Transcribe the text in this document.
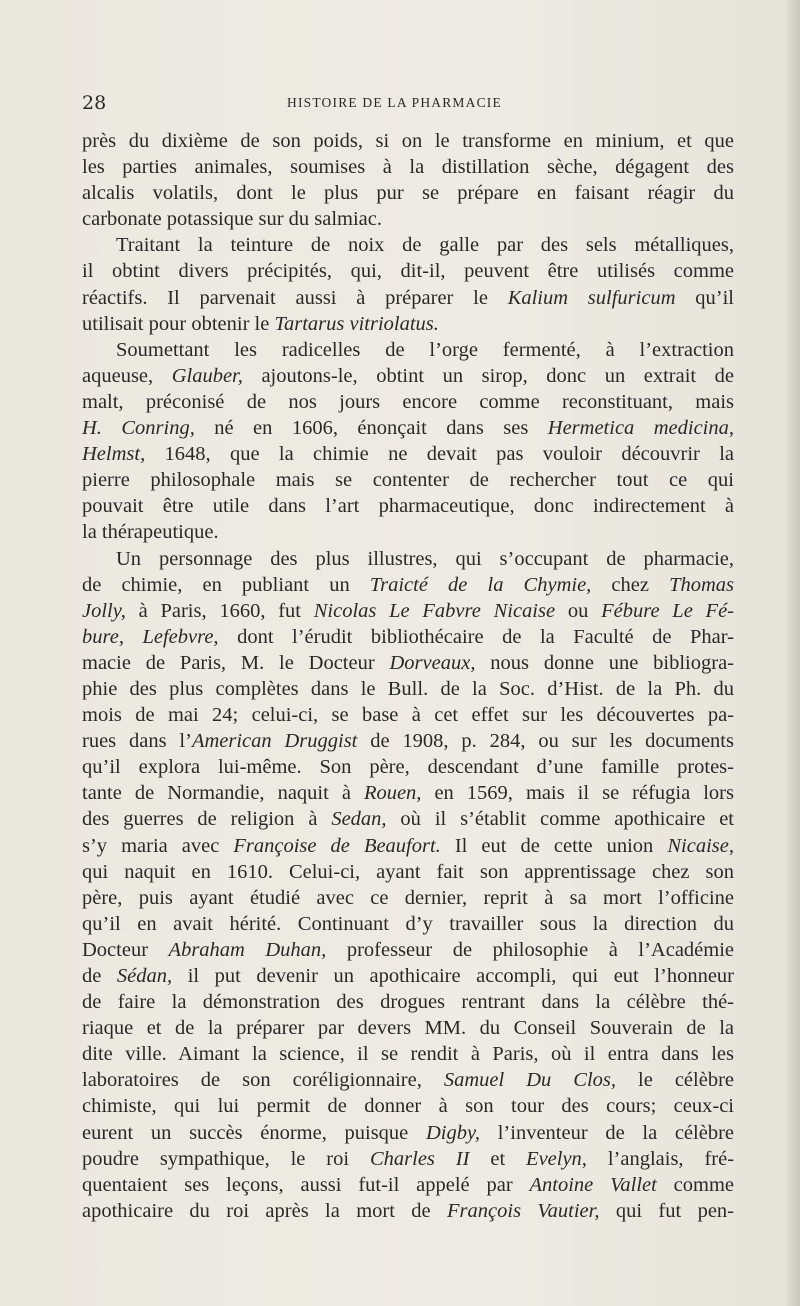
28	HISTOIRE DE LA PHARMACIE
près du dixième de son poids, si on le transforme en minium, et que
les parties animales, soumises à la distillation sèche, dégagent des
alcalis volatils, dont le plus pur se prépare en faisant réagir du
carbonate potassique sur du salmiac.
Traitant la teinture de noix de galle par des sels métalliques,
il obtint divers précipités, qui, dit-il, peuvent être utilisés comme
réactifs. Il parvenait aussi à préparer le Kalium sulfuricum qu’il
utilisait pour obtenir le Tartarus vitriolatus.
Soumettant les radicelles de l’orge fermenté, à l’extraction
aqueuse, Glauber, ajoutons-le, obtint un sirop, donc un extrait de
malt, préconisé de nos jours encore comme reconstituant, mais
H. Conring, né en 1606, énonçait dans ses Hermetica medicina,
Helmst, 1648, que la chimie ne devait pas vouloir découvrir la
pierre philosophale mais se contenter de rechercher tout ce qui
pouvait être utile dans l’art pharmaceutique, donc indirectement à
la thérapeutique.
Un personnage des plus illustres, qui s’occupant de pharmacie,
de chimie, en publiant un Traicté de la Chymie, chez Thomas
Jolly, à Paris, 1660, fut Nicolas Le Fabvre Nicaise ou Fébure Le Fé-
bure, Lefebvre, dont l’érudit bibliothécaire de la Faculté de Phar-
macie de Paris, M. le Docteur Dorveaux, nous donne une bibliogra-
phie des plus complètes dans le Bull. de la Soc. d’Hist. de la Ph. du
mois de mai 24; celui-ci, se base à cet effet sur les découvertes pa-
rues dans l’American Druggist de 1908, p. 284, ou sur les documents
qu’il explora lui-même. Son père, descendant d’une famille protes-
tante de Normandie, naquit à Rouen, en 1569, mais il se réfugia lors
des guerres de religion à Sedan, où il s’établit comme apothicaire et
s’y maria avec Françoise de Beaufort. Il eut de cette union Nicaise,
qui naquit en 1610. Celui-ci, ayant fait son apprentissage chez son
père, puis ayant étudié avec ce dernier, reprit à sa mort l’officine
qu’il en avait hérité. Continuant d’y travailler sous la direction du
Docteur Abraham Duhan, professeur de philosophie à l’Académie
de Sédan, il put devenir un apothicaire accompli, qui eut l’honneur
de faire la démonstration des drogues rentrant dans la célèbre thé-
riaque et de la préparer par devers MM. du Conseil Souverain de la
dite ville. Aimant la science, il se rendit à Paris, où il entra dans les
laboratoires de son coréligionnaire, Samuel Du Clos, le célèbre
chimiste, qui lui permit de donner à son tour des cours; ceux-ci
eurent un succès énorme, puisque Digby, l’inventeur de la célèbre
poudre sympathique, le roi Charles II et Evelyn, l’anglais, fré-
quentaient ses leçons, aussi fut-il appelé par Antoine Vallet comme
apothicaire du roi après la mort de François Vautier, qui fut pen-
